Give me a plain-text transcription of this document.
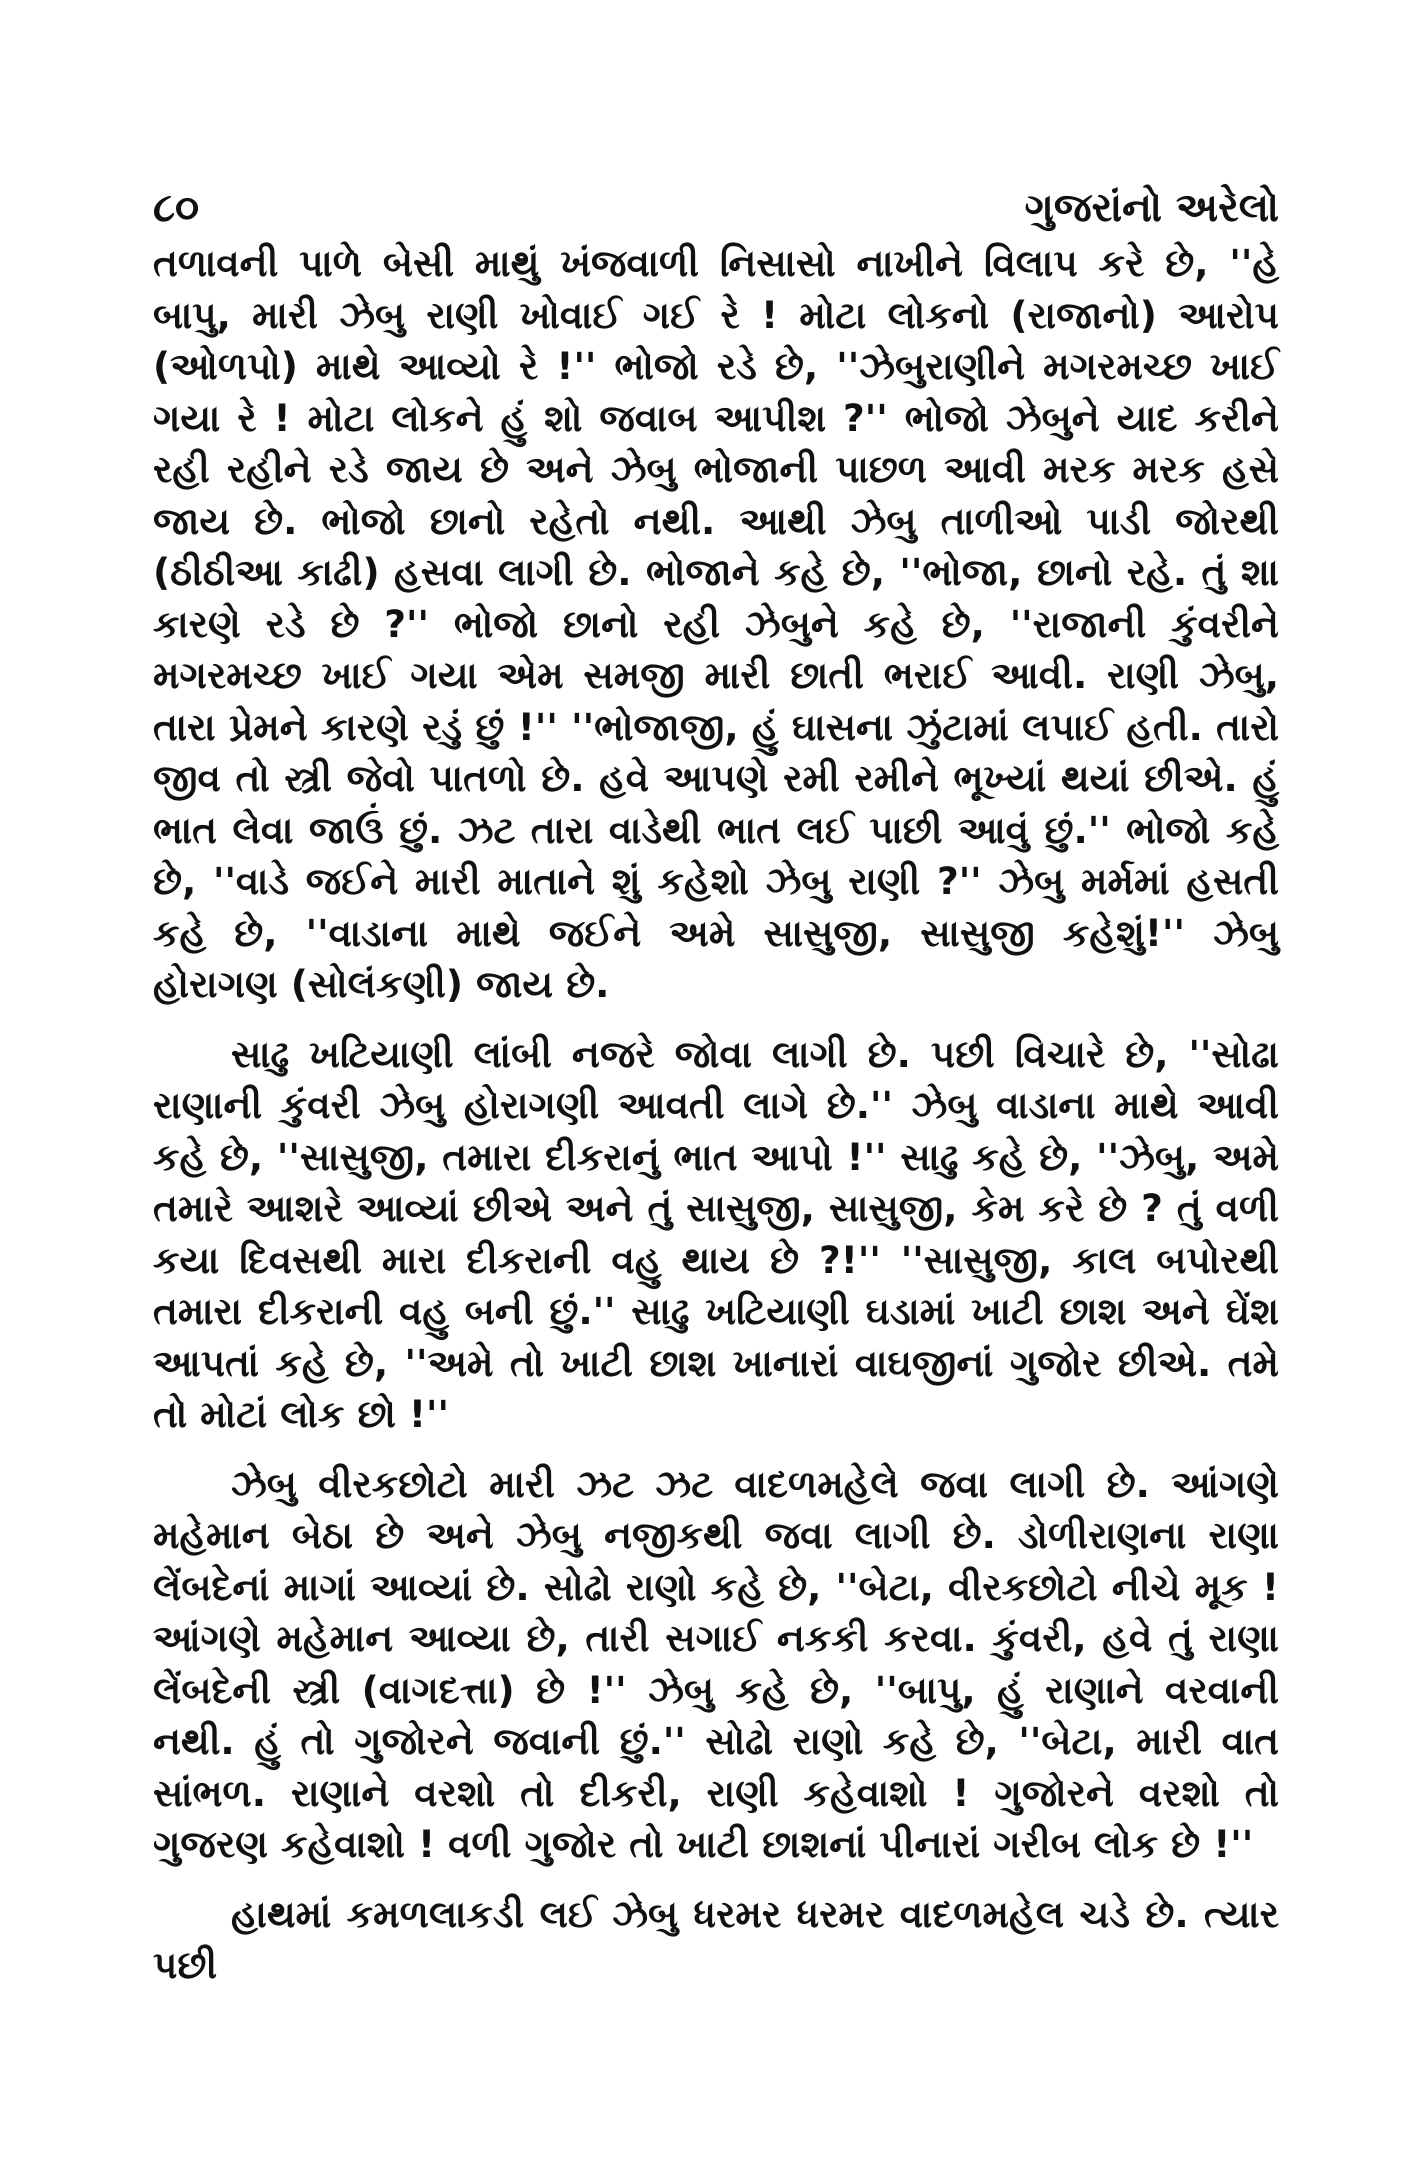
૮૦	ગુજરાંનો અરેલો

તળાવની પાળે બેસી માથું ખંજવાળી નિસાસો નાખીને વિલાપ કરે છે, ''હે બાપુ, મારી ઝેબુ રાણી ખોવાઈ ગઈ રે ! મોટા લોકનો (રાજાનો) આરોપ (ઓળપો) માથે આવ્યો રે !'' ભોજો રડે છે, ''ઝેબુરાણીને મગરમચ્છ ખાઈ ગયા રે ! મોટા લોકને હું શો જવાબ આપીશ ?'' ભોજો ઝેબુને યાદ કરીને રહી રહીને રડે જાય છે અને ઝેબુ ભોજાની પાછળ આવી મરક મરક હસે જાય છે. ભોજો છાનો રહેતો નથી. આથી ઝેબુ તાળીઓ પાડી જોરથી (ઠીઠીઆ કાઢી) હસવા લાગી છે. ભોજાને કહે છે, ''ભોજા, છાનો રહે. તું શા કારણે રડે છે ?'' ભોજો છાનો રહી ઝેબુને કહે છે, ''રાજાની કુંવરીને મગરમચ્છ ખાઈ ગયા એમ સમજી મારી છાતી ભરાઈ આવી. રાણી ઝેબુ, તારા પ્રેમને કારણે રડું છું !'' ''ભોજાજી, હું ઘાસના ઝુંટામાં લપાઈ હતી. તારો જીવ તો સ્ત્રી જેવો પાતળો છે. હવે આપણે રમી રમીને ભૂખ્યાં થયાં છીએ. હું ભાત લેવા જાઉં છું. ઝટ તારા વાડેથી ભાત લઈ પાછી આવું છું.'' ભોજો કહે છે, ''વાડે જઈને મારી માતાને શું કહેશો ઝેબુ રાણી ?'' ઝેબુ મર્મમાં હસતી કહે છે, ''વાડાના માથે જઈને અમે સાસુજી, સાસુજી કહેશું!'' ઝેબુ હોરાગણ (સોલંકણી) જાય છે.

સાઢુ ખટિયાણી લાંબી નજરે જોવા લાગી છે. પછી વિચારે છે, ''સોઢા રાણાની કુંવરી ઝેબુ હોરાગણી આવતી લાગે છે.'' ઝેબુ વાડાના માથે આવી કહે છે, ''સાસુજી, તમારા દીકરાનું ભાત આપો !'' સાઢુ કહે છે, ''ઝેબુ, અમે તમારે આશરે આવ્યાં છીએ અને તું સાસુજી, સાસુજી, કેમ કરે છે ? તું વળી કયા દિવસથી મારા દીકરાની વહુ થાય છે ?!'' ''સાસુજી, કાલ બપોરથી તમારા દીકરાની વહુ બની છું.'' સાઢુ ખટિયાણી ઘડામાં ખાટી છાશ અને ઘેંશ આપતાં કહે છે, ''અમે તો ખાટી છાશ ખાનારાં વાઘજીનાં ગુજોર છીએ. તમે તો મોટાં લોક છો !''

ઝેબુ વીરકછોટો મારી ઝટ ઝટ વાદળમહેલે જવા લાગી છે. આંગણે મહેમાન બેઠા છે અને ઝેબુ નજીકથી જવા લાગી છે. ડોળીરાણના રાણા લેંબદેનાં માગાં આવ્યાં છે. સોઢો રાણો કહે છે, ''બેટા, વીરકછોટો નીચે મૂક ! આંગણે મહેમાન આવ્યા છે, તારી સગાઈ નકકી કરવા. કુંવરી, હવે તું રાણા લેંબદેની સ્ત્રી (વાગદત્તા) છે !'' ઝેબુ કહે છે, ''બાપુ, હું રાણાને વરવાની નથી. હું તો ગુજોરને જવાની છું.'' સોઢો રાણો કહે છે, ''બેટા, મારી વાત સાંભળ. રાણાને વરશો તો દીકરી, રાણી કહેવાશો ! ગુજોરને વરશો તો ગુજરણ કહેવાશો ! વળી ગુજોર તો ખાટી છાશનાં પીનારાં ગરીબ લોક છે !''

હાથમાં કમળલાકડી લઈ ઝેબુ ધરમર ધરમર વાદળમહેલ ચડે છે. ત્યાર પછી
